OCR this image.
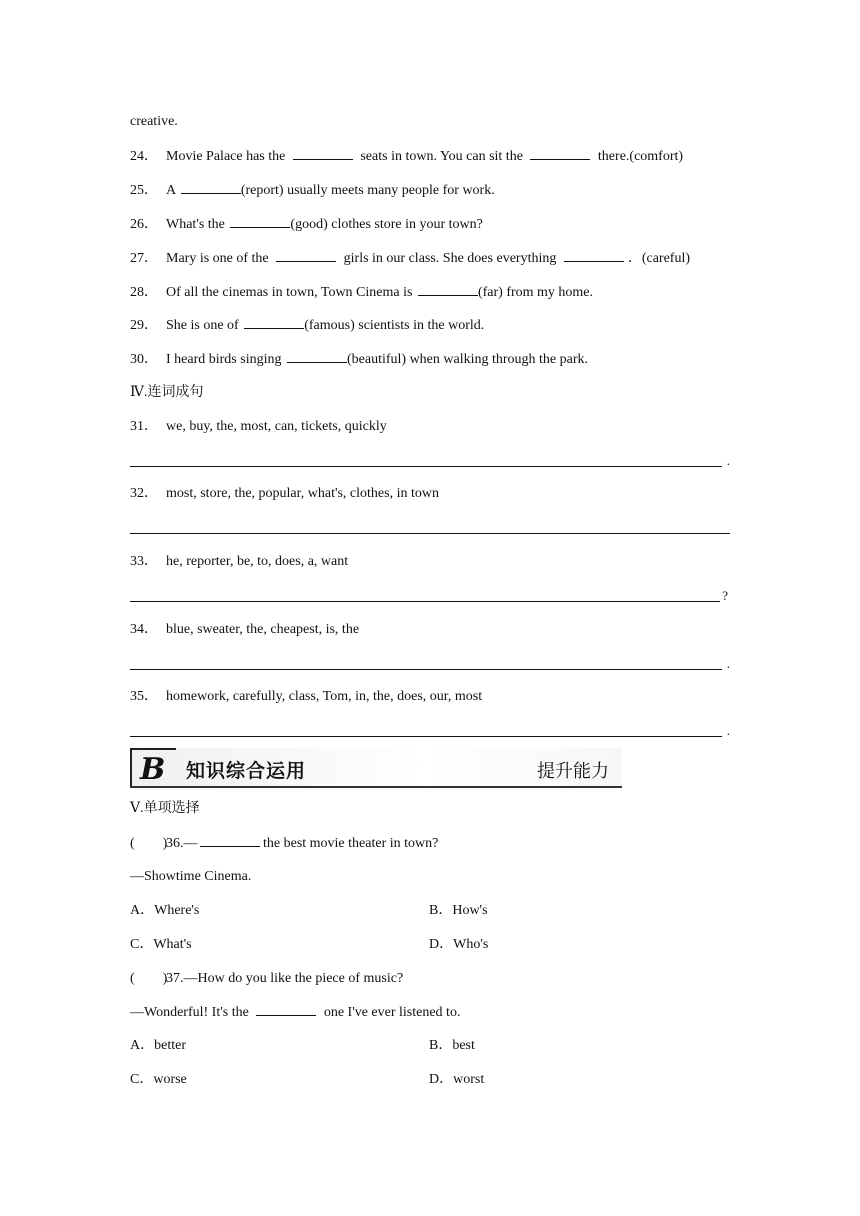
creative.
24． Movie Palace has the	seats in town. You can sit the	there.(comfort)
25． A	(report) usually meets many people for work.
26． What's the	(good) clothes store in your town?
27． Mary is one of the	girls in our class. She does everything	．(careful)
28． Of all the cinemas in town, Town Cinema is	(far) from my home.
29． She is one of	(famous) scientists in the world.
30． I heard birds singing	(beautiful) when walking through the park.
Ⅳ.连词成句
31． we, buy, the, most, can, tickets, quickly
.
32． most, store, the, popular, what's, clothes, in town
33． he, reporter, be, to, does, a, want
?
34． blue, sweater, the, cheapest, is, the
.
35． homework, carefully, class, Tom, in, the, does, our, most
.
B 知识综合运用	提升能力
Ⅴ.单项选择
(　　)36.—	the best movie theater in town?
—Showtime Cinema.
A．Where's	B．How's
C．What's	D．Who's
(　　)37.—How do you like the piece of music?
—Wonderful! It's the	one I've ever listened to.
A．better	B．best
C．worse	D．worst
